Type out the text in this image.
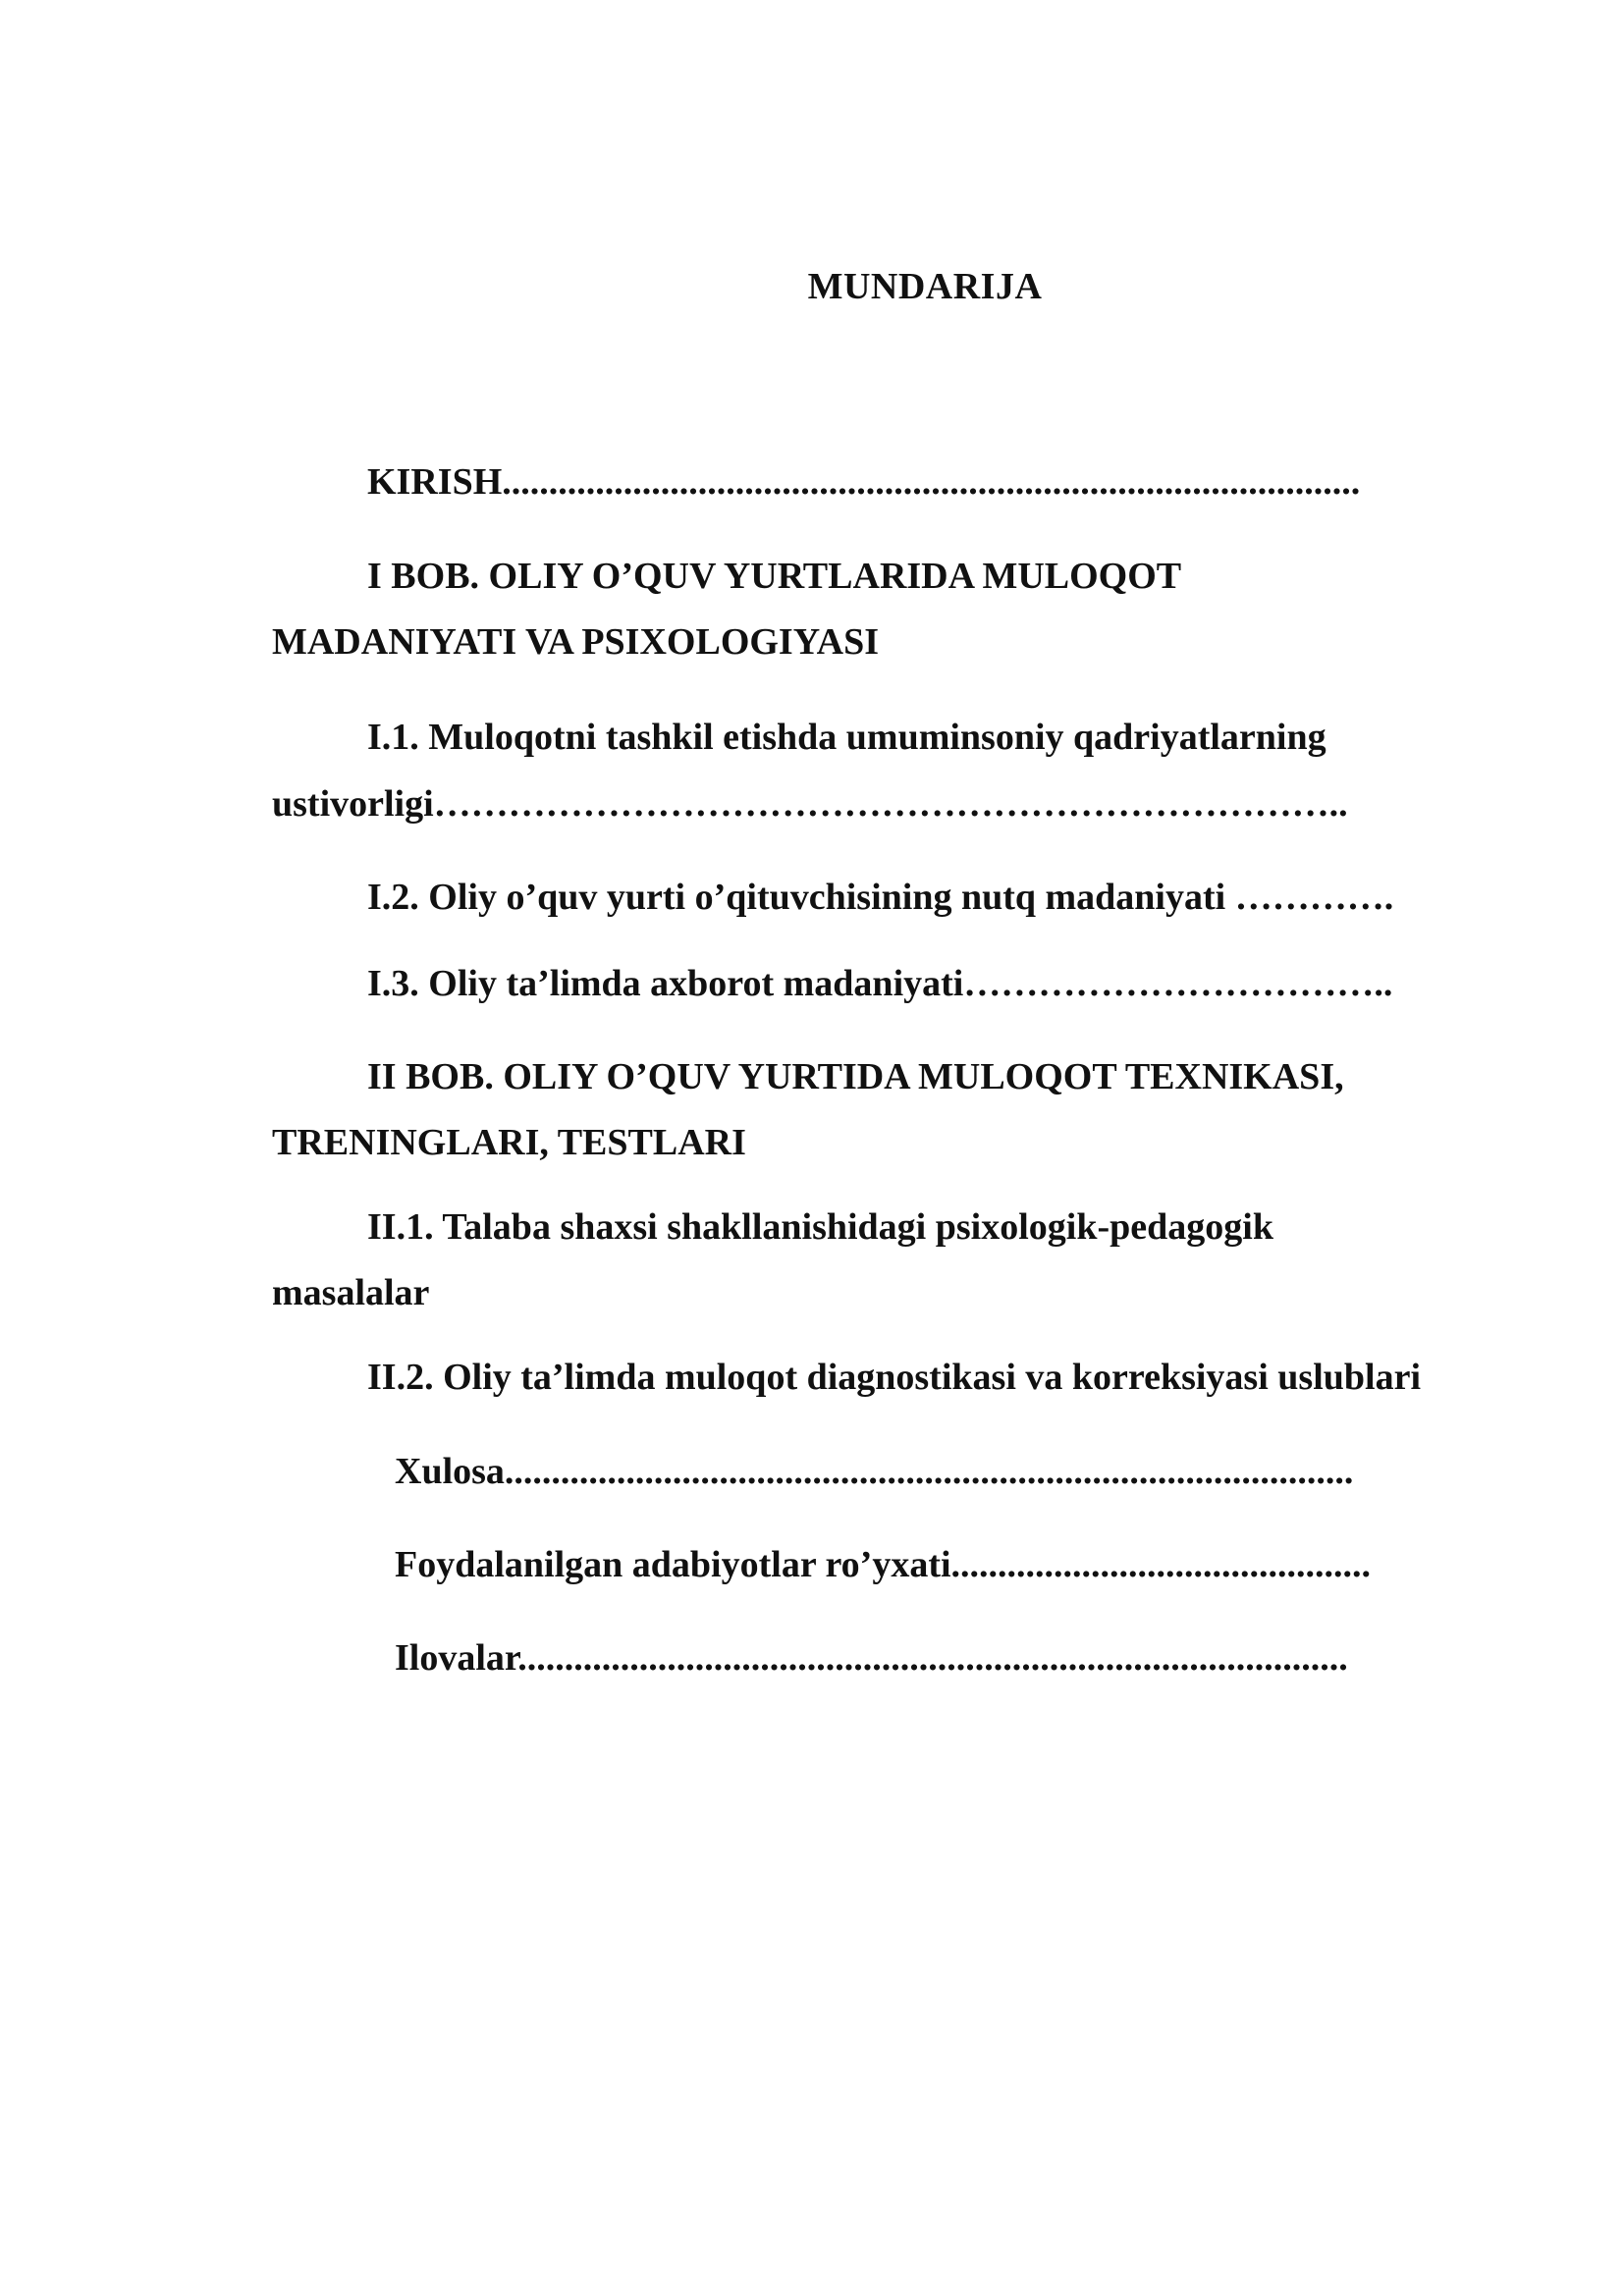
MUNDARIJA
KIRISH............................................................................................
I BOB. OLIY O’QUV YURTLARIDA MULOQOT
MADANIYATI VA PSIXOLOGIYASI
I.1. Muloqotni tashkil etishda umuminsoniy qadriyatlarning
ustivorligi………………………………………………………………..
I.2. Oliy o’quv yurti o’qituvchisining nutq madaniyati ………….
I.3. Oliy ta’limda axborot madaniyati……………………………..
II BOB. OLIY O’QUV YURTIDA MULOQOT TEXNIKASI,
TRENINGLARI, TESTLARI
II.1. Talaba shaxsi shakllanishidagi psixologik-pedagogik
masalalar
II.2. Oliy ta’limda muloqot diagnostikasi va korreksiyasi uslublari
Xulosa...........................................................................................
Foydalanilgan adabiyotlar ro’yxati.............................................
Ilovalar.........................................................................................
